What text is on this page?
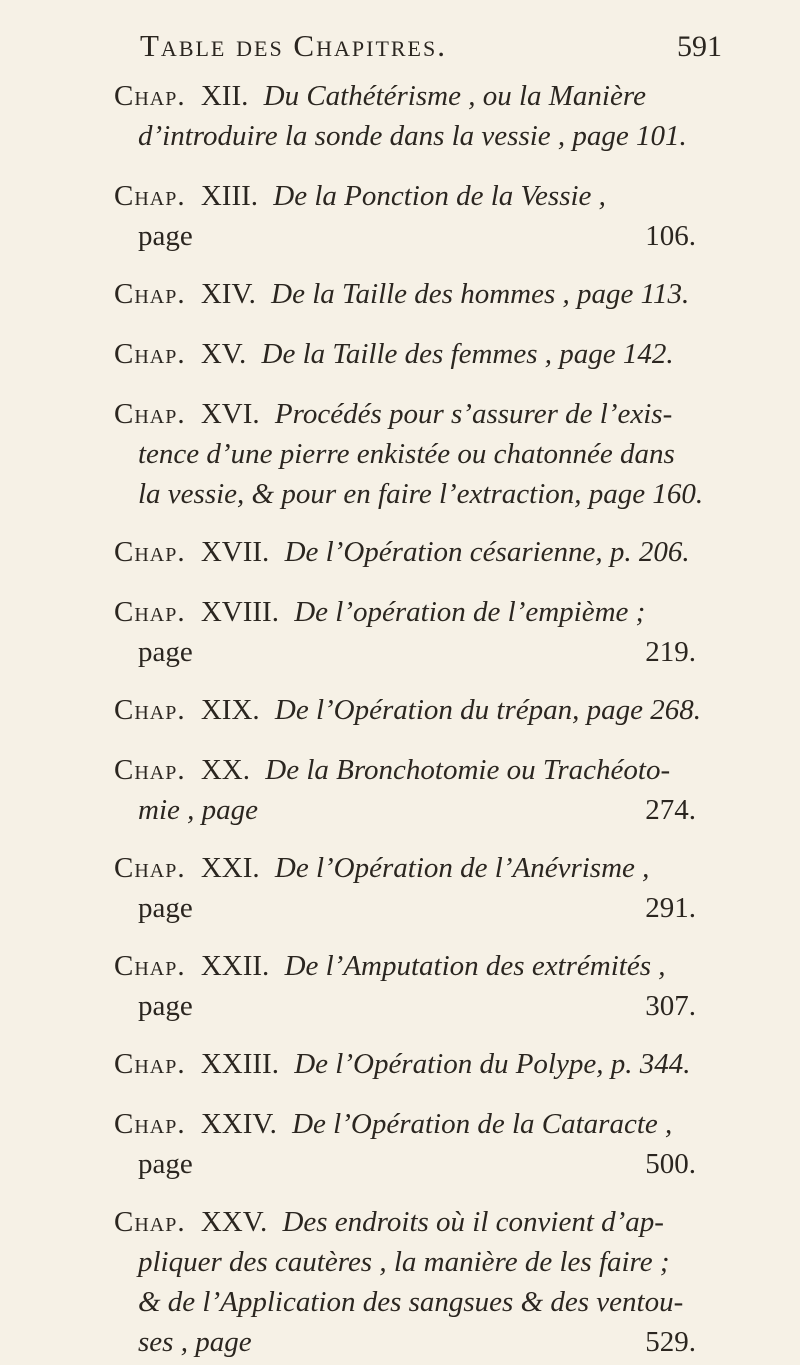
Table des Chapitres.	591
Chap. XII. Du Cathétérisme , ou la Manière
d’introduire la sonde dans la vessie , page 101.
Chap. XIII. De la Ponction de la Vessie ,
page	106.
Chap. XIV. De la Taille des hommes , page 113.
Chap. XV. De la Taille des femmes , page 142.
Chap. XVI. Procédés pour s’assurer de l’exis-
tence d’une pierre enkistée ou chatonnée dans
la vessie, & pour en faire l’extraction, page 160.
Chap. XVII. De l’Opération césarienne, p. 206.
Chap. XVIII. De l’opération de l’empième ;
page	219.
Chap. XIX. De l’Opération du trépan, page 268.
Chap. XX. De la Bronchotomie ou Trachéoto-
mie , page	274.
Chap. XXI. De l’Opération de l’Anévrisme ,
page	291.
Chap. XXII. De l’Amputation des extrémités ,
page	307.
Chap. XXIII. De l’Opération du Polype, p. 344.
Chap. XXIV. De l’Opération de la Cataracte ,
page	500.
Chap. XXV. Des endroits où il convient d’ap-
pliquer des cautères , la manière de les faire ;
& de l’Application des sangsues & des ventou-
ses , page	529.
